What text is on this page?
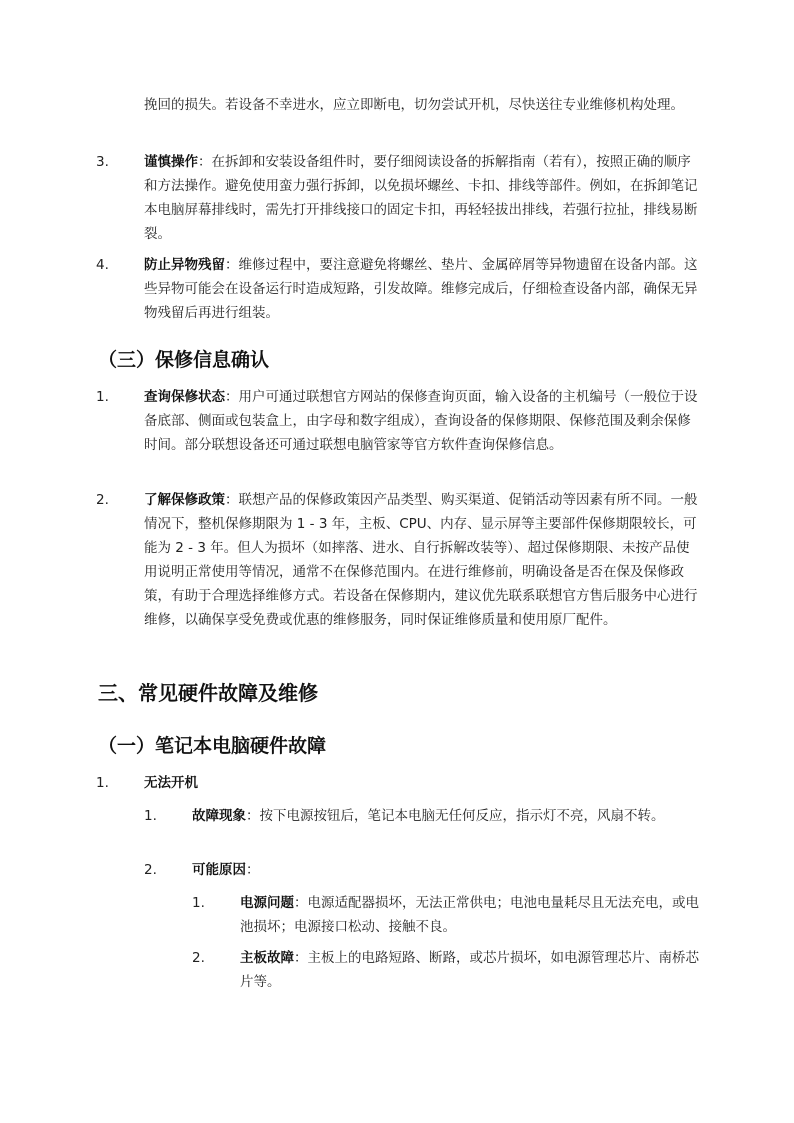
挽回的损失。若设备不幸进水，应立即断电，切勿尝试开机，尽快送往专业维修机构处理。
3.	谨慎操作：在拆卸和安装设备组件时，要仔细阅读设备的拆解指南（若有），按照正确的顺序和方法操作。避免使用蛮力强行拆卸，以免损坏螺丝、卡扣、排线等部件。例如，在拆卸笔记本电脑屏幕排线时，需先打开排线接口的固定卡扣，再轻轻拔出排线，若强行拉扯，排线易断裂。
4.	防止异物残留：维修过程中，要注意避免将螺丝、垫片、金属碎屑等异物遗留在设备内部。这些异物可能会在设备运行时造成短路，引发故障。维修完成后，仔细检查设备内部，确保无异物残留后再进行组装。
（三）保修信息确认
1.	查询保修状态：用户可通过联想官方网站的保修查询页面，输入设备的主机编号（一般位于设备底部、侧面或包装盒上，由字母和数字组成），查询设备的保修期限、保修范围及剩余保修时间。部分联想设备还可通过联想电脑管家等官方软件查询保修信息。
2.	了解保修政策：联想产品的保修政策因产品类型、购买渠道、促销活动等因素有所不同。一般情况下，整机保修期限为 1 - 3 年，主板、CPU、内存、显示屏等主要部件保修期限较长，可能为 2 - 3 年。但人为损坏（如摔落、进水、自行拆解改装等）、超过保修期限、未按产品使用说明正常使用等情况，通常不在保修范围内。在进行维修前，明确设备是否在保及保修政策，有助于合理选择维修方式。若设备在保修期内，建议优先联系联想官方售后服务中心进行维修，以确保享受免费或优惠的维修服务，同时保证维修质量和使用原厂配件。
三、常见硬件故障及维修
（一）笔记本电脑硬件故障
1.	无法开机
1.	故障现象：按下电源按钮后，笔记本电脑无任何反应，指示灯不亮，风扇不转。
2.	可能原因：
1.	电源问题：电源适配器损坏，无法正常供电；电池电量耗尽且无法充电，或电池损坏；电源接口松动、接触不良。
2.	主板故障：主板上的电路短路、断路，或芯片损坏，如电源管理芯片、南桥芯片等。
